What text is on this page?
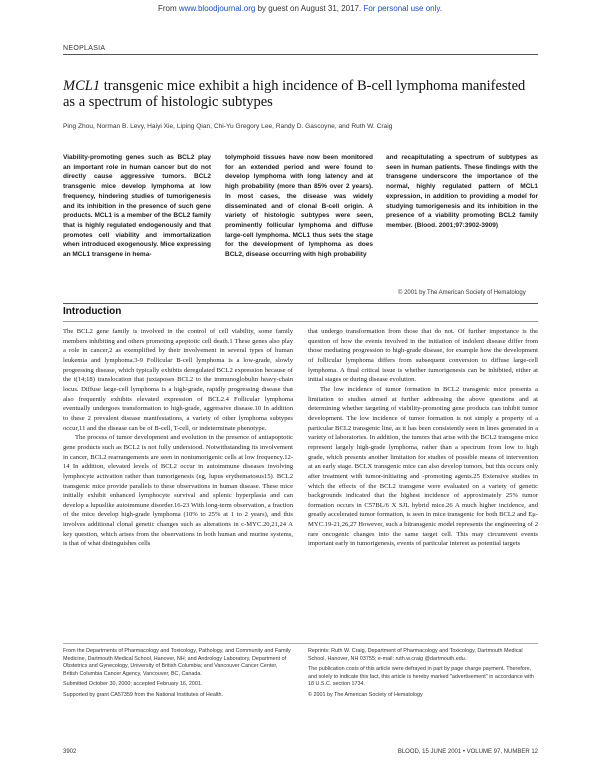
From www.bloodjournal.org by guest on August 31, 2017. For personal use only.
NEOPLASIA
MCL1 transgenic mice exhibit a high incidence of B-cell lymphoma manifested as a spectrum of histologic subtypes
Ping Zhou, Norman B. Levy, Haiyi Xie, Liping Qian, Chi-Yu Gregory Lee, Randy D. Gascoyne, and Ruth W. Craig
Viability-promoting genes such as BCL2 play an important role in human cancer but do not directly cause aggressive tumors. BCL2 transgenic mice develop lymphoma at low frequency, hindering studies of tumorigenesis and its inhibition in the presence of such gene products. MCL1 is a member of the BCL2 family that is highly regulated endogenously and that promotes cell viability and immortalization when introduced exogenously. Mice expressing an MCL1 transgene in hema-
tolymphoid tissues have now been monitored for an extended period and were found to develop lymphoma with long latency and at high probability (more than 85% over 2 years). In most cases, the disease was widely disseminated and of clonal B-cell origin. A variety of histologic subtypes were seen, prominently follicular lymphoma and diffuse large-cell lymphoma. MCL1 thus sets the stage for the development of lymphoma as does BCL2, disease occurring with high probability
and recapitulating a spectrum of subtypes as seen in human patients. These findings with the transgene underscore the importance of the normal, highly regulated pattern of MCL1 expression, in addition to providing a model for studying tumorigenesis and its inhibition in the presence of a viability promoting BCL2 family member. (Blood. 2001;97:3902-3909)
© 2001 by The American Society of Hematology
Introduction

The BCL2 gene family is involved in the control of cell viability, some family members inhibiting and others promoting apoptotic cell death.1 These genes also play a role in cancer,2 as exemplified by their involvement in several types of human leukemia and lymphoma.3-9 Follicular B-cell lymphoma is a low-grade, slowly progressing disease, which typically exhibits deregulated BCL2 expression because of the t(14;18) translocation that juxtaposes BCL2 to the immunoglobulin heavy-chain locus. Diffuse large-cell lymphoma is a high-grade, rapidly progressing disease that also frequently exhibits elevated expression of BCL2.4 Follicular lymphoma eventually undergoes transformation to high-grade, aggressive disease.10 In addition to these 2 prevalent disease manifestations, a variety of other lymphoma subtypes occur,11 and the disease can be of B-cell, T-cell, or indeterminate phenotype.

The process of tumor development and evolution in the presence of antiapoptotic gene products such as BCL2 is not fully understood. Notwithstanding its involvement in cancer, BCL2 rearrangements are seen in nontumorigenic cells at low frequency.12-14 In addition, elevated levels of BCL2 occur in autoimmune diseases involving lymphocyte activation rather than tumorigenesis (eg, lupus erythematosus15). BCL2 transgenic mice provide parallels to these observations in human disease. These mice initially exhibit enhanced lymphocyte survival and splenic hyperplasia and can develop a lupuslike autoimmune disorder.16-23 With long-term observation, a fraction of the mice develop high-grade lymphoma (10% to 25% at 1 to 2 years), and this involves additional clonal genetic changes such as alterations in c-MYC.20,21,24 A key question, which arises from the observations in both human and murine systems, is that of what distinguishes cells

that undergo transformation from those that do not. Of further importance is the question of how the events involved in the initiation of indolent disease differ from those mediating progression to high-grade disease, for example how the development of follicular lymphoma differs from subsequent conversion to diffuse large-cell lymphoma. A final critical issue is whether tumorigenesis can be inhibited, either at initial stages or during disease evolution.

The low incidence of tumor formation in BCL2 transgenic mice presents a limitation to studies aimed at further addressing the above questions and at determining whether targeting of viability-promoting gene products can inhibit tumor development. The low incidence of tumor formation is not simply a property of a particular BCL2 transgenic line, as it has been consistently seen in lines generated in a variety of laboratories. In addition, the tumors that arise with the BCL2 transgene mice represent largely high-grade lymphoma, rather than a spectrum from low to high grade, which presents another limitation for studies of possible means of intervention at an early stage. BCLX transgenic mice can also develop tumors, but this occurs only after treatment with tumor-initiating and -promoting agents.25 Extensive studies in which the effects of the BCL2 transgene were evaluated on a variety of genetic backgrounds indicated that the highest incidence of approximately 25% tumor formation occurs in C57BL/6 X SJL hybrid mice.26 A much higher incidence, and greatly accelerated tumor formation, is seen in mice transgenic for both BCL2 and Eμ-MYC.19-21,26,27 However, such a bitransgenic model represents the engineering of 2 rare oncogenic changes into the same target cell. This may circumvent events important early in tumorigenesis, events of particular interest as potential targets

From the Departments of Pharmacology and Toxicology, Pathology, and Community and Family Medicine, Dartmouth Medical School, Hanover, NH; and Andrology Laboratory, Department of Obstetrics and Gynecology, University of British Columbia; and Vancouver Cancer Center, British Columbia Cancer Agency, Vancouver, BC, Canada.

Submitted October 30, 2000; accepted February 16, 2001.

Supported by grant CA57359 from the National Institutes of Health.

Reprints: Ruth W. Craig, Department of Pharmacology and Toxicology, Dartmouth Medical School, Hanover, NH 03755; e-mail: ruth.w.craig @dartmouth.edu.

The publication costs of this article were defrayed in part by page charge payment. Therefore, and solely to indicate this fact, this article is hereby marked "advertisement" in accordance with 18 U.S.C. section 1734.

© 2001 by The American Society of Hematology

3902	BLOOD, 15 JUNE 2001 • VOLUME 97, NUMBER 12
